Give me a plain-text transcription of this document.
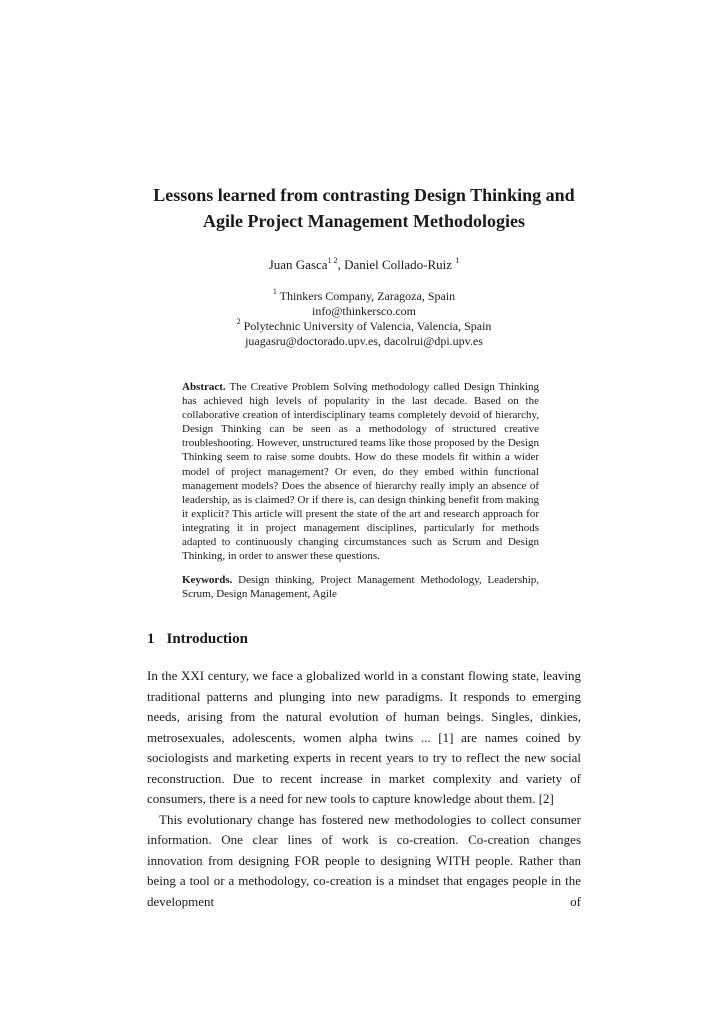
Lessons learned from contrasting Design Thinking and
Agile Project Management Methodologies
Juan Gasca$^{1 2}$, Daniel Collado-Ruiz $^1$
$^1$ Thinkers Company, Zaragoza, Spain
info@thinkersco.com
$^2$ Polytechnic University of Valencia, Valencia, Spain
juagasru@doctorado.upv.es, dacolrui@dpi.upv.es
Abstract. The Creative Problem Solving methodology called Design Thinking has achieved high levels of popularity in the last decade. Based on the collaborative creation of interdisciplinary teams completely devoid of hierarchy, Design Thinking can be seen as a methodology of structured creative troubleshooting. However, unstructured teams like those proposed by the Design Thinking seem to raise some doubts. How do these models fit within a wider model of project management? Or even, do they embed within functional management models? Does the absence of hierarchy really imply an absence of leadership, as is claimed? Or if there is, can design thinking benefit from making it explicit? This article will present the state of the art and research approach for integrating it in project management disciplines, particularly for methods adapted to continuously changing circumstances such as Scrum and Design Thinking, in order to answer these questions.
Keywords. Design thinking, Project Management Methodology, Leadership, Scrum, Design Management, Agile
1 Introduction

In the XXI century, we face a globalized world in a constant flowing state, leaving traditional patterns and plunging into new paradigms. It responds to emerging needs, arising from the natural evolution of human beings. Singles, dinkies, metrosexuales, adolescents, women alpha twins ... [1] are names coined by sociologists and marketing experts in recent years to try to reflect the new social reconstruction. Due to recent increase in market complexity and variety of consumers, there is a need for new tools to capture knowledge about them. [2]

This evolutionary change has fostered new methodologies to collect consumer information. One clear lines of work is co-creation. Co-creation changes innovation from designing FOR people to designing WITH people. Rather than being a tool or a methodology, co-creation is a mindset that engages people in the development of
